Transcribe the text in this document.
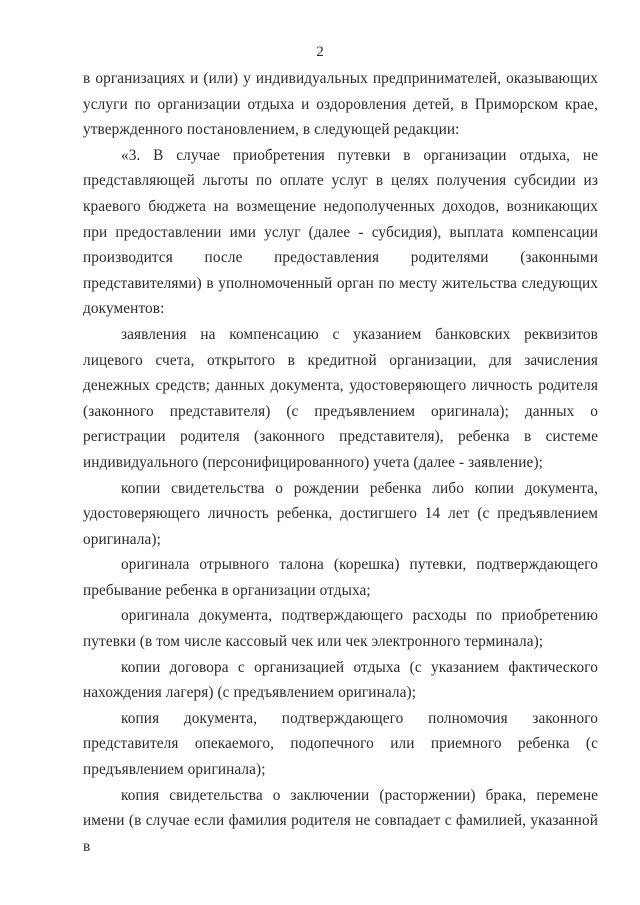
2

в организациях и (или) у индивидуальных предпринимателей, оказывающих услуги по организации отдыха и оздоровления детей, в Приморском крае, утвержденного постановлением, в следующей редакции:

«3. В случае приобретения путевки в организации отдыха, не представляющей льготы по оплате услуг в целях получения субсидии из краевого бюджета на возмещение недополученных доходов, возникающих при предоставлении ими услуг (далее - субсидия), выплата компенсации производится после предоставления родителями (законными представителями) в уполномоченный орган по месту жительства следующих документов:

заявления на компенсацию с указанием банковских реквизитов лицевого счета, открытого в кредитной организации, для зачисления денежных средств; данных документа, удостоверяющего личность родителя (законного представителя) (с предъявлением оригинала); данных о регистрации родителя (законного представителя), ребенка в системе индивидуального (персонифицированного) учета (далее - заявление);

копии свидетельства о рождении ребенка либо копии документа, удостоверяющего личность ребенка, достигшего 14 лет (с предъявлением оригинала);

оригинала отрывного талона (корешка) путевки, подтверждающего пребывание ребенка в организации отдыха;

оригинала документа, подтверждающего расходы по приобретению путевки (в том числе кассовый чек или чек электронного терминала);

копии договора с организацией отдыха (с указанием фактического нахождения лагеря) (с предъявлением оригинала);

копия документа, подтверждающего полномочия законного представителя опекаемого, подопечного или приемного ребенка (с предъявлением оригинала);

копия свидетельства о заключении (расторжении) брака, перемене имени (в случае если фамилия родителя не совпадает с фамилией, указанной в
